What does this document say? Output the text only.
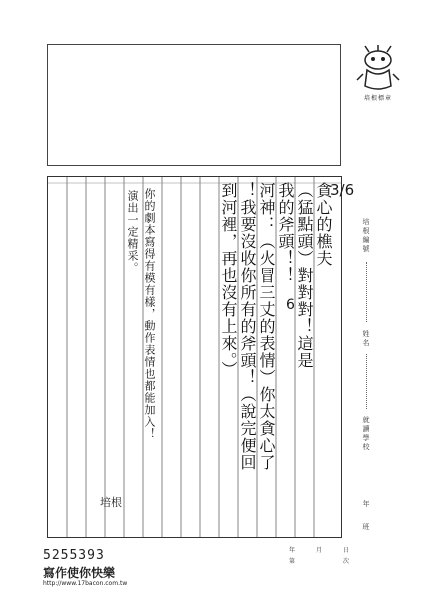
培根標章
貪心的樵夫
（猛點頭）對對對！這是
我的斧頭！！
河神：（火冒三丈的表情）你太貪心了
！我要沒收你所有的斧頭！（說完便回
到河裡，再也沒有上來。）
你的劇本寫得有模有樣，動作表情也都能加入！
演出一定精采。
培根
3/6
6
培根編號
姓名
就讀學校
年
班
5255393
寫作使你快樂
http://www.17bacon.com.tw
年	月	日
第	次
